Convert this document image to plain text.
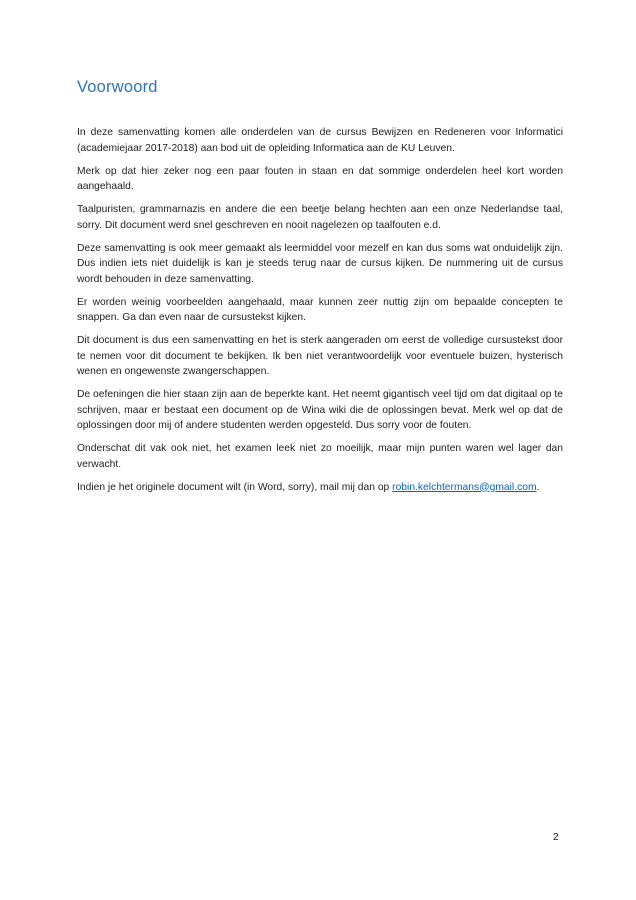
Voorwoord

In deze samenvatting komen alle onderdelen van de cursus Bewijzen en Redeneren voor Informatici (academiejaar 2017-2018) aan bod uit de opleiding Informatica aan de KU Leuven.

Merk op dat hier zeker nog een paar fouten in staan en dat sommige onderdelen heel kort worden aangehaald.

Taalpuristen, grammarnazis en andere die een beetje belang hechten aan een onze Nederlandse taal, sorry. Dit document werd snel geschreven en nooit nagelezen op taalfouten e.d.

Deze samenvatting is ook meer gemaakt als leermiddel voor mezelf en kan dus soms wat onduidelijk zijn. Dus indien iets niet duidelijk is kan je steeds terug naar de cursus kijken. De nummering uit de cursus wordt behouden in deze samenvatting.

Er worden weinig voorbeelden aangehaald, maar kunnen zeer nuttig zijn om bepaalde concepten te snappen. Ga dan even naar de cursustekst kijken.

Dit document is dus een samenvatting en het is sterk aangeraden om eerst de volledige cursustekst door te nemen voor dit document te bekijken. Ik ben niet verantwoordelijk voor eventuele buizen, hysterisch wenen en ongewenste zwangerschappen.

De oefeningen die hier staan zijn aan de beperkte kant. Het neemt gigantisch veel tijd om dat digitaal op te schrijven, maar er bestaat een document op de Wina wiki die de oplossingen bevat. Merk wel op dat de oplossingen door mij of andere studenten werden opgesteld. Dus sorry voor de fouten.

Onderschat dit vak ook niet, het examen leek niet zo moeilijk, maar mijn punten waren wel lager dan verwacht.

Indien je het originele document wilt (in Word, sorry), mail mij dan op robin.kelchtermans@gmail.com.

2
